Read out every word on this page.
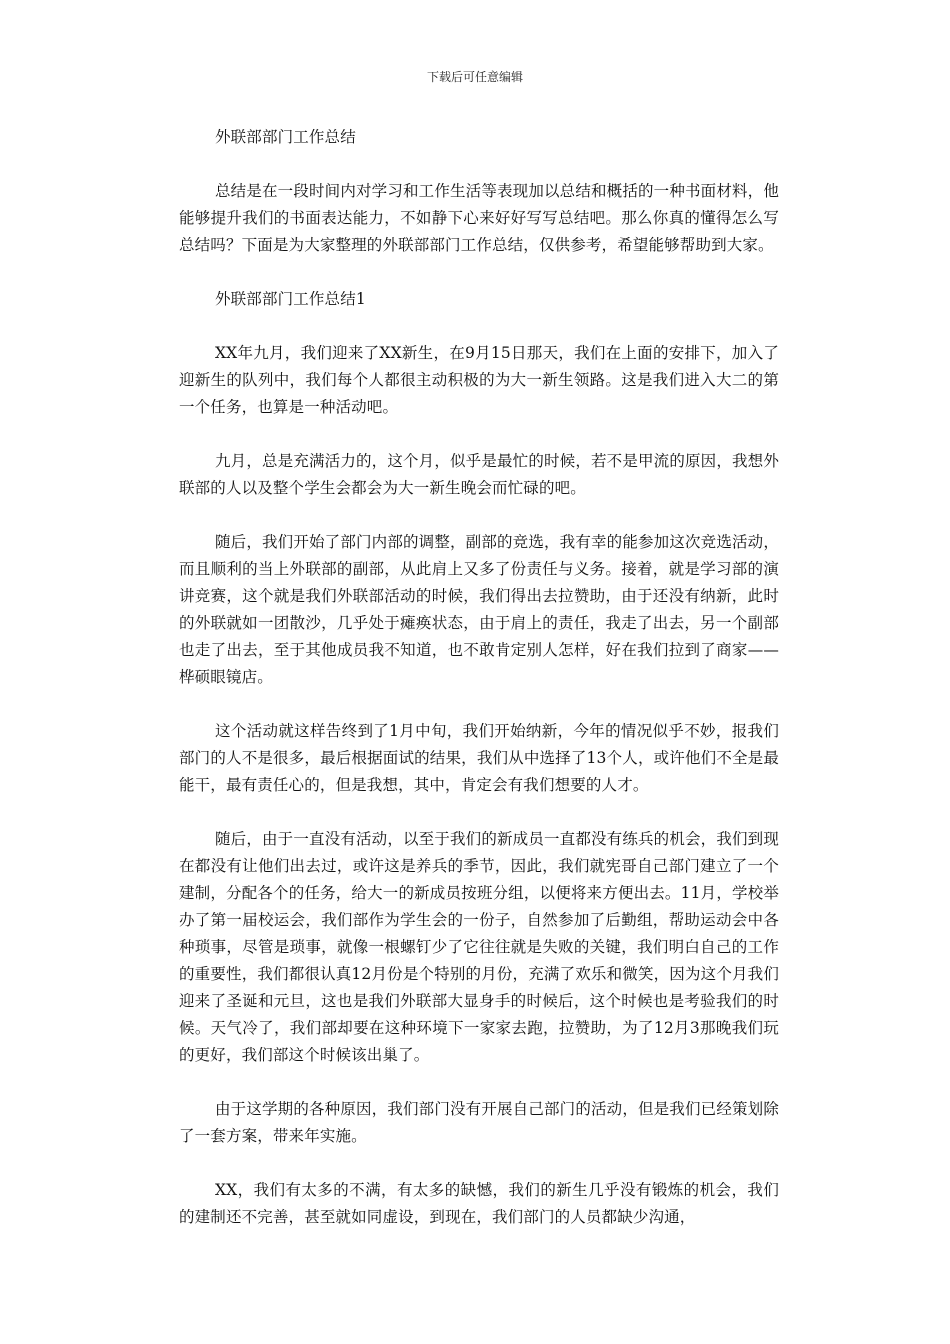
下载后可任意编辑

外联部部门工作总结

总结是在一段时间内对学习和工作生活等表现加以总结和概括的一种书面材料，他能够提升我们的书面表达能力，不如静下心来好好写写总结吧。那么你真的懂得怎么写总结吗？下面是为大家整理的外联部部门工作总结，仅供参考，希望能够帮助到大家。

外联部部门工作总结1

XX年九月，我们迎来了XX新生，在9月15日那天，我们在上面的安排下，加入了迎新生的队列中，我们每个人都很主动积极的为大一新生领路。这是我们进入大二的第一个任务，也算是一种活动吧。

九月，总是充满活力的，这个月，似乎是最忙的时候，若不是甲流的原因，我想外联部的人以及整个学生会都会为大一新生晚会而忙碌的吧。

随后，我们开始了部门内部的调整，副部的竞选，我有幸的能参加这次竞选活动，而且顺利的当上外联部的副部，从此肩上又多了份责任与义务。接着，就是学习部的演讲竞赛，这个就是我们外联部活动的时候，我们得出去拉赞助，由于还没有纳新，此时的外联就如一团散沙，几乎处于瘫痪状态，由于肩上的责任，我走了出去，另一个副部也走了出去，至于其他成员我不知道，也不敢肯定别人怎样，好在我们拉到了商家——桦硕眼镜店。

这个活动就这样告终到了1月中旬，我们开始纳新，今年的情况似乎不妙，报我们部门的人不是很多，最后根据面试的结果，我们从中选择了13个人，或许他们不全是最能干，最有责任心的，但是我想，其中，肯定会有我们想要的人才。

随后，由于一直没有活动，以至于我们的新成员一直都没有练兵的机会，我们到现在都没有让他们出去过，或许这是养兵的季节，因此，我们就宪哥自己部门建立了一个建制，分配各个的任务，给大一的新成员按班分组，以便将来方便出去。11月，学校举办了第一届校运会，我们部作为学生会的一份子，自然参加了后勤组，帮助运动会中各种琐事，尽管是琐事，就像一根螺钉少了它往往就是失败的关键，我们明白自己的工作的重要性，我们都很认真12月份是个特别的月份，充满了欢乐和微笑，因为这个月我们迎来了圣诞和元旦，这也是我们外联部大显身手的时候后，这个时候也是考验我们的时候。天气冷了，我们部却要在这种环境下一家家去跑，拉赞助，为了12月3那晚我们玩的更好，我们部这个时候该出巢了。

由于这学期的各种原因，我们部门没有开展自己部门的活动，但是我们已经策划除了一套方案，带来年实施。

XX，我们有太多的不满，有太多的缺憾，我们的新生几乎没有锻炼的机会，我们的建制还不完善，甚至就如同虚设，到现在，我们部门的人员都缺少沟通，
